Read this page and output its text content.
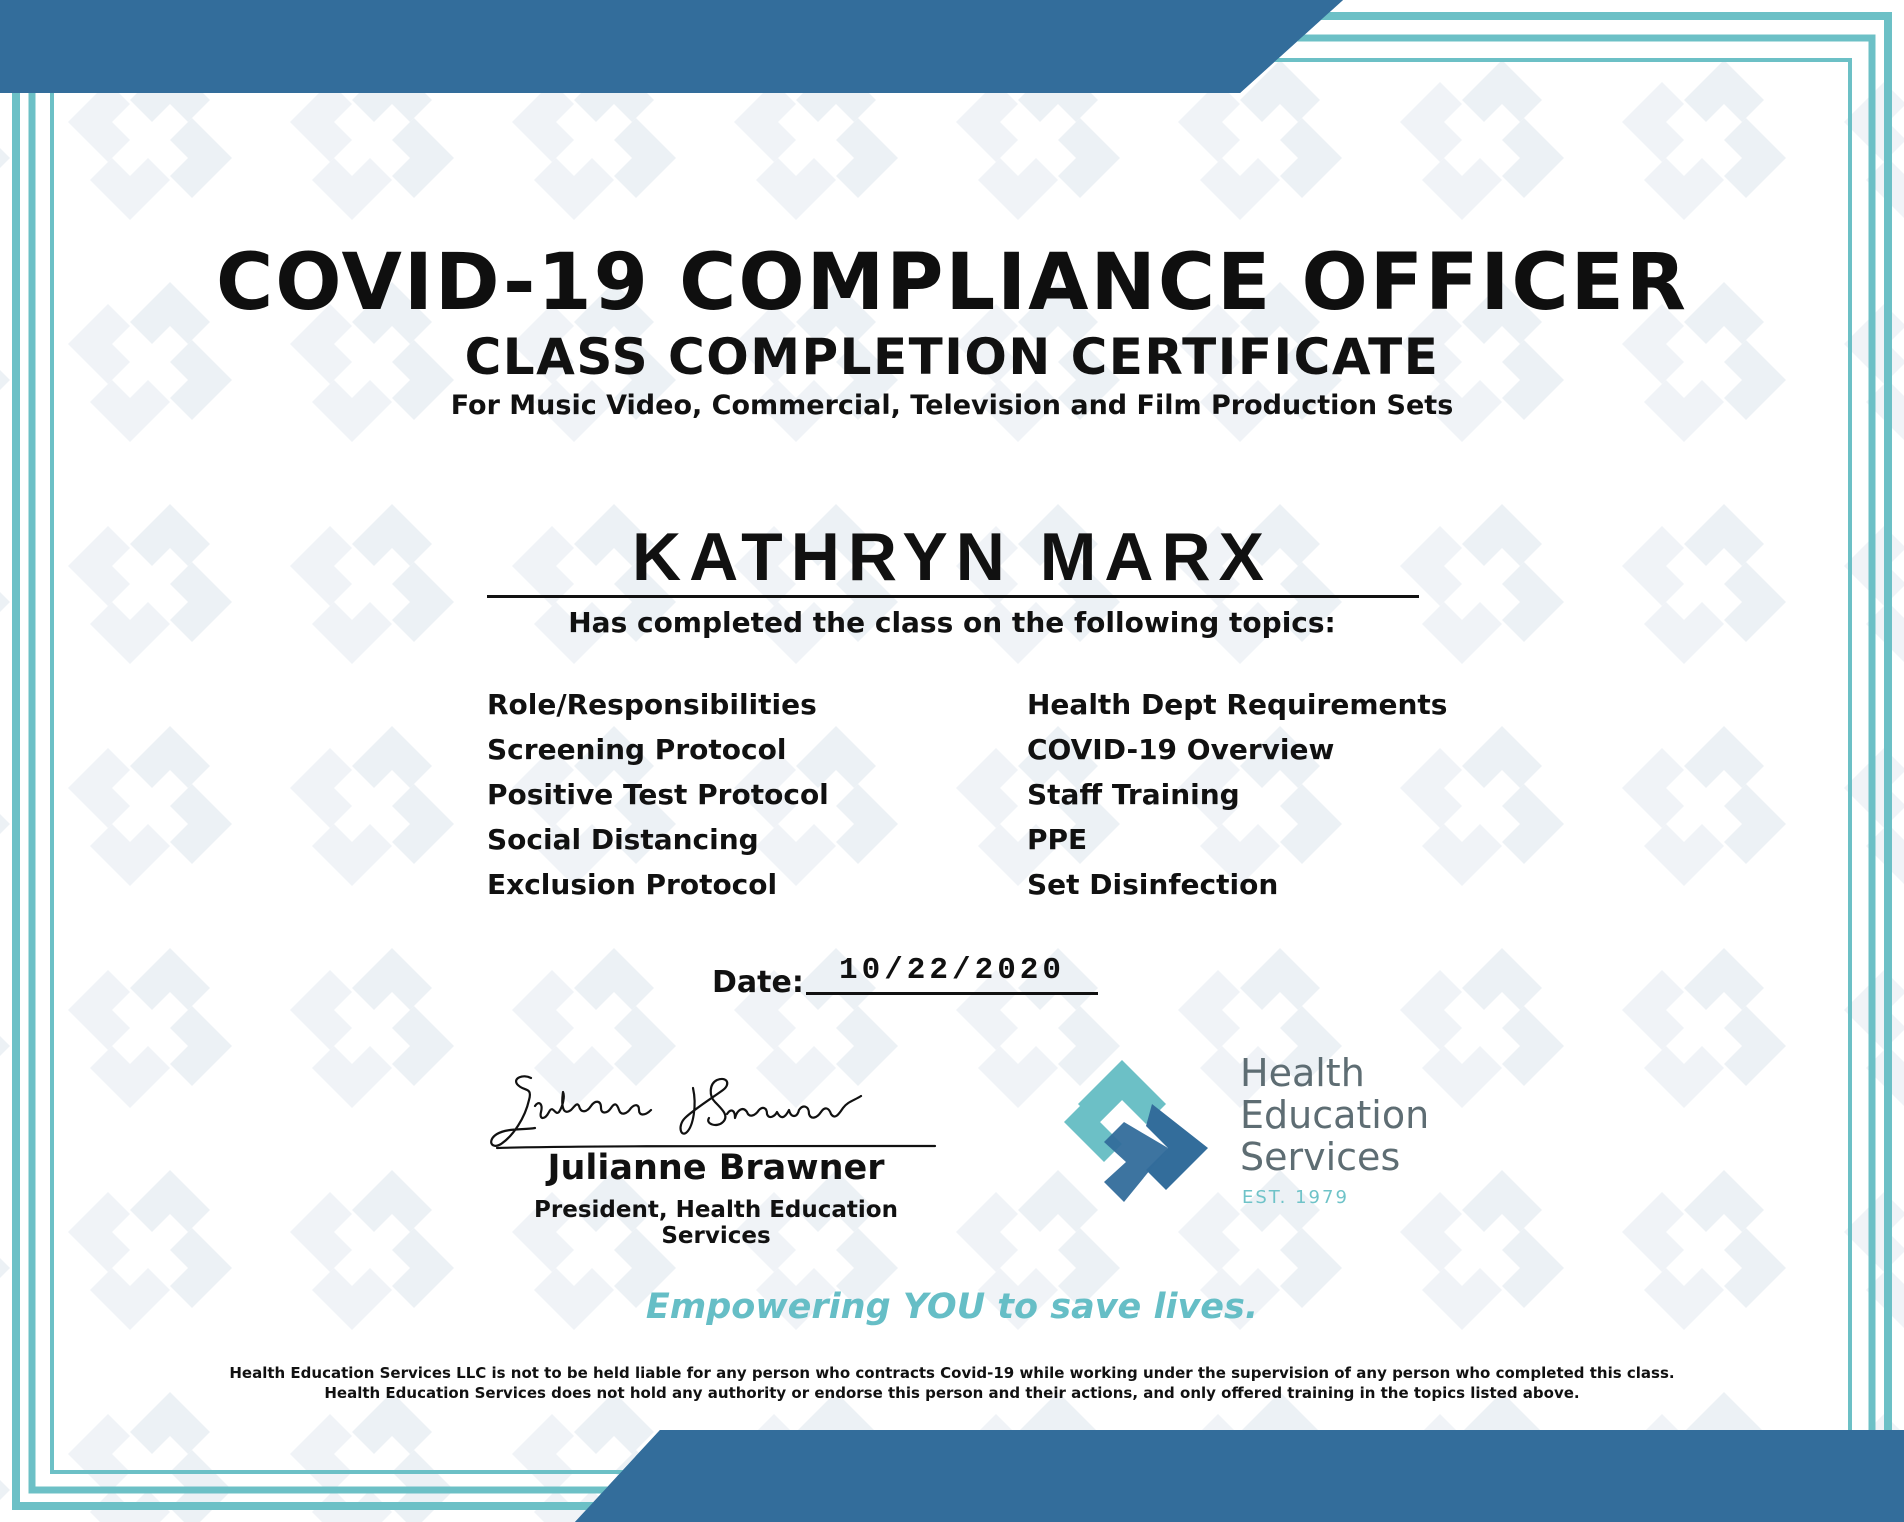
COVID-19 COMPLIANCE OFFICER
CLASS COMPLETION CERTIFICATE
For Music Video, Commercial, Television and Film Production Sets
KATHRYN MARX
Has completed the class on the following topics:
Role/Responsibilities
Screening Protocol
Positive Test Protocol
Social Distancing
Exclusion Protocol
Health Dept Requirements
COVID-19 Overview
Staff Training
PPE
Set Disinfection
Date:	10/22/2020
Julianne Brawner
President, Health Education Services
Health
Education
Services
EST. 1979
Empowering YOU to save lives.
Health Education Services LLC is not to be held liable for any person who contracts Covid-19 while working under the supervision of any person who completed this class.
Health Education Services does not hold any authority or endorse this person and their actions, and only offered training in the topics listed above.
